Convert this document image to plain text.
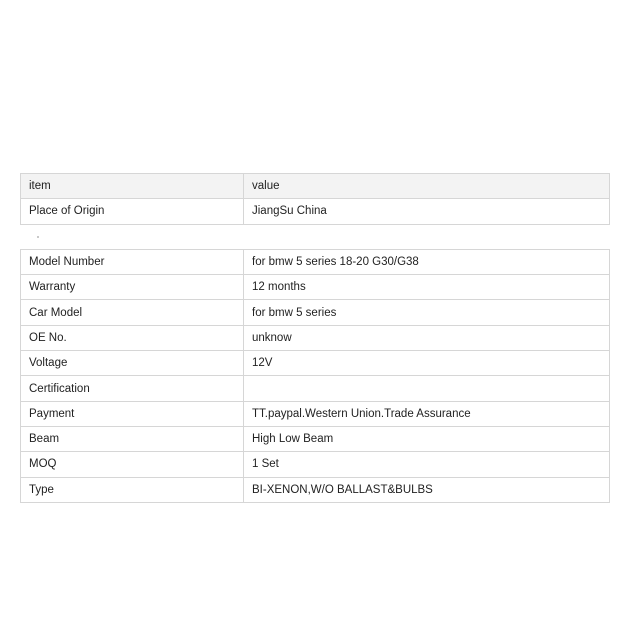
item	value
Place of Origin	JiangSu China

Model Number	for bmw 5 series 18-20 G30/G38
Warranty	12 months
Car Model	for bmw 5 series
OE No.	unknow
Voltage	12V
Certification	
Payment	TT.paypal.Western Union.Trade Assurance
Beam	High Low Beam
MOQ	1 Set
Type	BI-XENON,W/O BALLAST&BULBS
